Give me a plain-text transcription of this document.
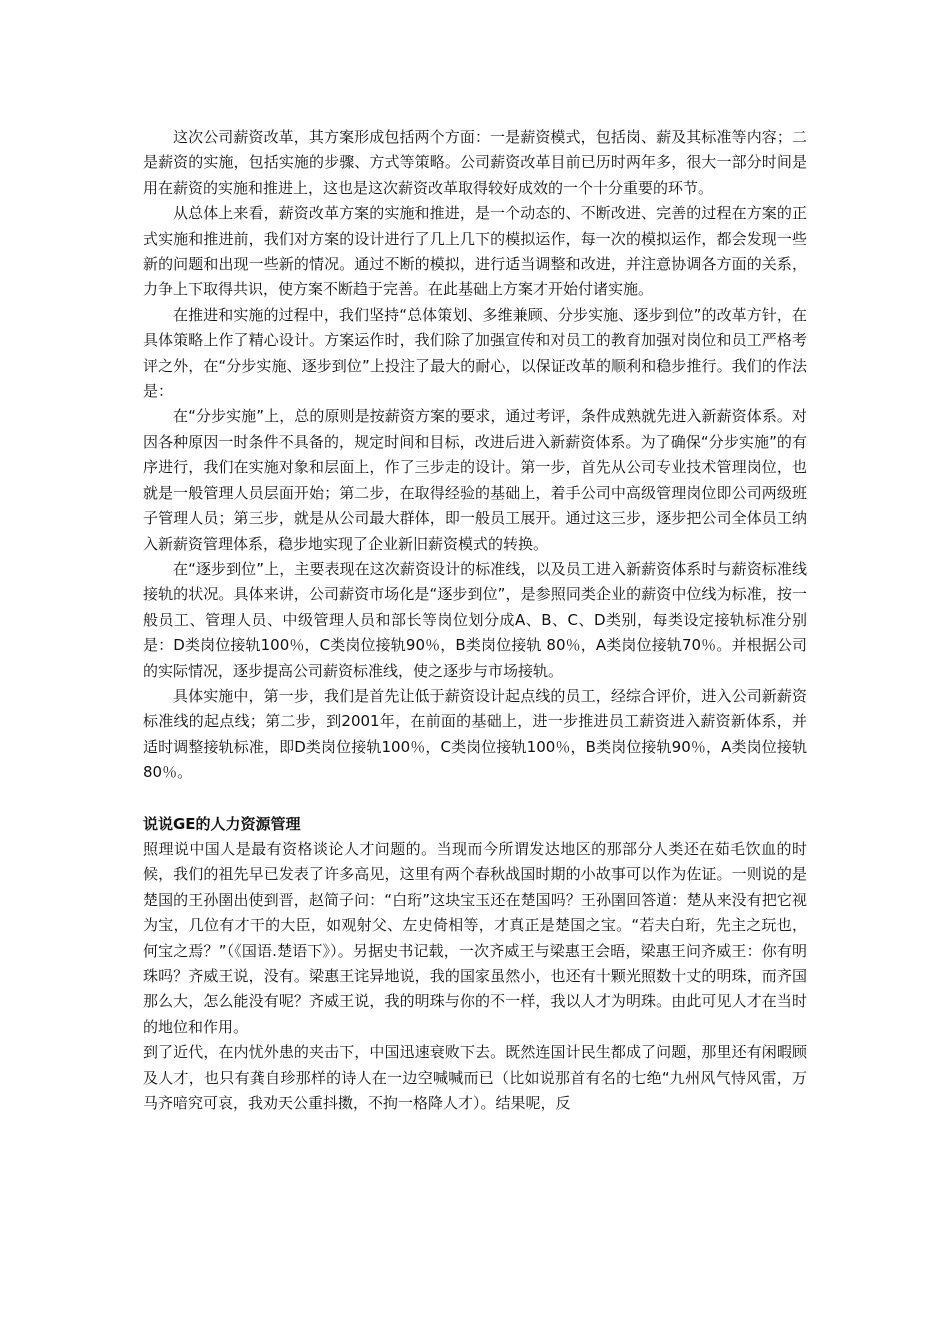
这次公司薪资改革，其方案形成包括两个方面：一是薪资模式，包括岗、薪及其标准等内容；二是薪资的实施，包括实施的步骤、方式等策略。公司薪资改革目前已历时两年多，很大一部分时间是用在薪资的实施和推进上，这也是这次薪资改革取得较好成效的一个十分重要的环节。

从总体上来看，薪资改革方案的实施和推进，是一个动态的、不断改进、完善的过程在方案的正式实施和推进前，我们对方案的设计进行了几上几下的模拟运作，每一次的模拟运作，都会发现一些新的问题和出现一些新的情况。通过不断的模拟，进行适当调整和改进，并注意协调各方面的关系，力争上下取得共识，使方案不断趋于完善。在此基础上方案才开始付诸实施。

在推进和实施的过程中，我们坚持“总体策划、多维兼顾、分步实施、逐步到位”的改革方针，在具体策略上作了精心设计。方案运作时，我们除了加强宣传和对员工的教育加强对岗位和员工严格考评之外，在“分步实施、逐步到位”上投注了最大的耐心，以保证改革的顺利和稳步推行。我们的作法是：

在“分步实施”上，总的原则是按薪资方案的要求，通过考评，条件成熟就先进入新薪资体系。对因各种原因一时条件不具备的，规定时间和目标，改进后进入新薪资体系。为了确保“分步实施”的有序进行，我们在实施对象和层面上，作了三步走的设计。第一步，首先从公司专业技术管理岗位，也就是一般管理人员层面开始；第二步，在取得经验的基础上，着手公司中高级管理岗位即公司两级班子管理人员；第三步，就是从公司最大群体，即一般员工展开。通过这三步，逐步把公司全体员工纳入新薪资管理体系，稳步地实现了企业新旧薪资模式的转换。

在“逐步到位”上，主要表现在这次薪资设计的标准线，以及员工进入新薪资体系时与薪资标准线接轨的状况。具体来讲，公司薪资市场化是“逐步到位”，是参照同类企业的薪资中位线为标准，按一般员工、管理人员、中级管理人员和部长等岗位划分成A、B、C、D类别，每类设定接轨标准分别是：D类岗位接轨100％，C类岗位接轨90％，B类岗位接轨 80％，A类岗位接轨70％。并根据公司的实际情况，逐步提高公司薪资标准线，使之逐步与市场接轨。

具体实施中，第一步，我们是首先让低于薪资设计起点线的员工，经综合评价，进入公司新薪资标准线的起点线；第二步，到2001年，在前面的基础上，进一步推进员工薪资进入薪资新体系，并适时调整接轨标准，即D类岗位接轨100％，C类岗位接轨100％，B类岗位接轨90％，A类岗位接轨80％。

说说GE的人力资源管理

照理说中国人是最有资格谈论人才问题的。当现而今所谓发达地区的那部分人类还在茹毛饮血的时候，我们的祖先早已发表了许多高见，这里有两个春秋战国时期的小故事可以作为佐证。一则说的是楚国的王孙圉出使到晋，赵简子问：“白珩”这块宝玉还在楚国吗？王孙圉回答道：楚从来没有把它视为宝，几位有才干的大臣，如观射父、左史倚相等，才真正是楚国之宝。“若夫白珩，先主之玩也，何宝之焉？”（《国语.楚语下》）。另据史书记载，一次齐威王与梁惠王会晤，梁惠王问齐威王：你有明珠吗？齐威王说，没有。梁惠王诧异地说，我的国家虽然小，也还有十颗光照数十丈的明珠，而齐国那么大，怎么能没有呢？齐威王说，我的明珠与你的不一样，我以人才为明珠。由此可见人才在当时的地位和作用。

到了近代，在内忧外患的夹击下，中国迅速衰败下去。既然连国计民生都成了问题，那里还有闲暇顾及人才，也只有龚自珍那样的诗人在一边空喊喊而已（比如说那首有名的七绝“九州风气恃风雷，万马齐喑究可哀，我劝天公重抖擞，不拘一格降人才）。结果呢，反
